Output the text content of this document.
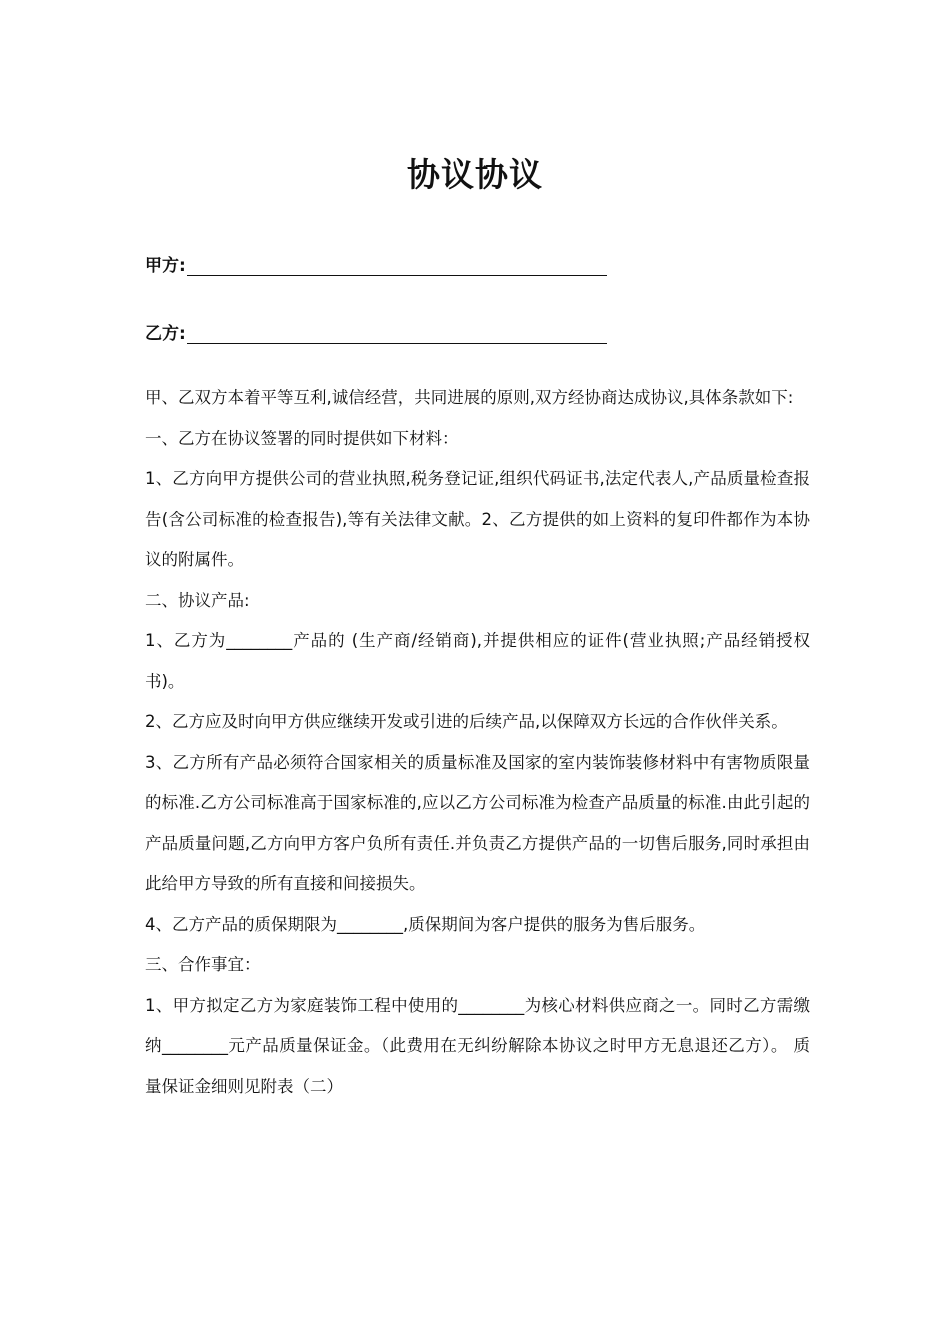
协议协议
甲方:
乙方:

甲、乙双方本着平等互利,诚信经营，共同进展的原则,双方经协商达成协议,具体条款如下:

一、乙方在协议签署的同时提供如下材料：

1、乙方向甲方提供公司的营业执照,税务登记证,组织代码证书,法定代表人,产品质量检查报告(含公司标准的检查报告),等有关法律文献。2、乙方提供的如上资料的复印件都作为本协议的附属件。

二、协议产品:

1、乙方为________产品的 (生产商/经销商),并提供相应的证件(营业执照;产品经销授权书)。

2、乙方应及时向甲方供应继续开发或引进的后续产品,以保障双方长远的合作伙伴关系。

3、乙方所有产品必须符合国家相关的质量标准及国家的室内装饰装修材料中有害物质限量的标准.乙方公司标准高于国家标准的,应以乙方公司标准为检查产品质量的标准.由此引起的产品质量问题,乙方向甲方客户负所有责任.并负责乙方提供产品的一切售后服务,同时承担由此给甲方导致的所有直接和间接损失。

4、乙方产品的质保期限为________,质保期间为客户提供的服务为售后服务。

三、合作事宜：

1、甲方拟定乙方为家庭装饰工程中使用的________为核心材料供应商之一。同时乙方需缴纳________元产品质量保证金。（此费用在无纠纷解除本协议之时甲方无息退还乙方）。 质量保证金细则见附表（二）
